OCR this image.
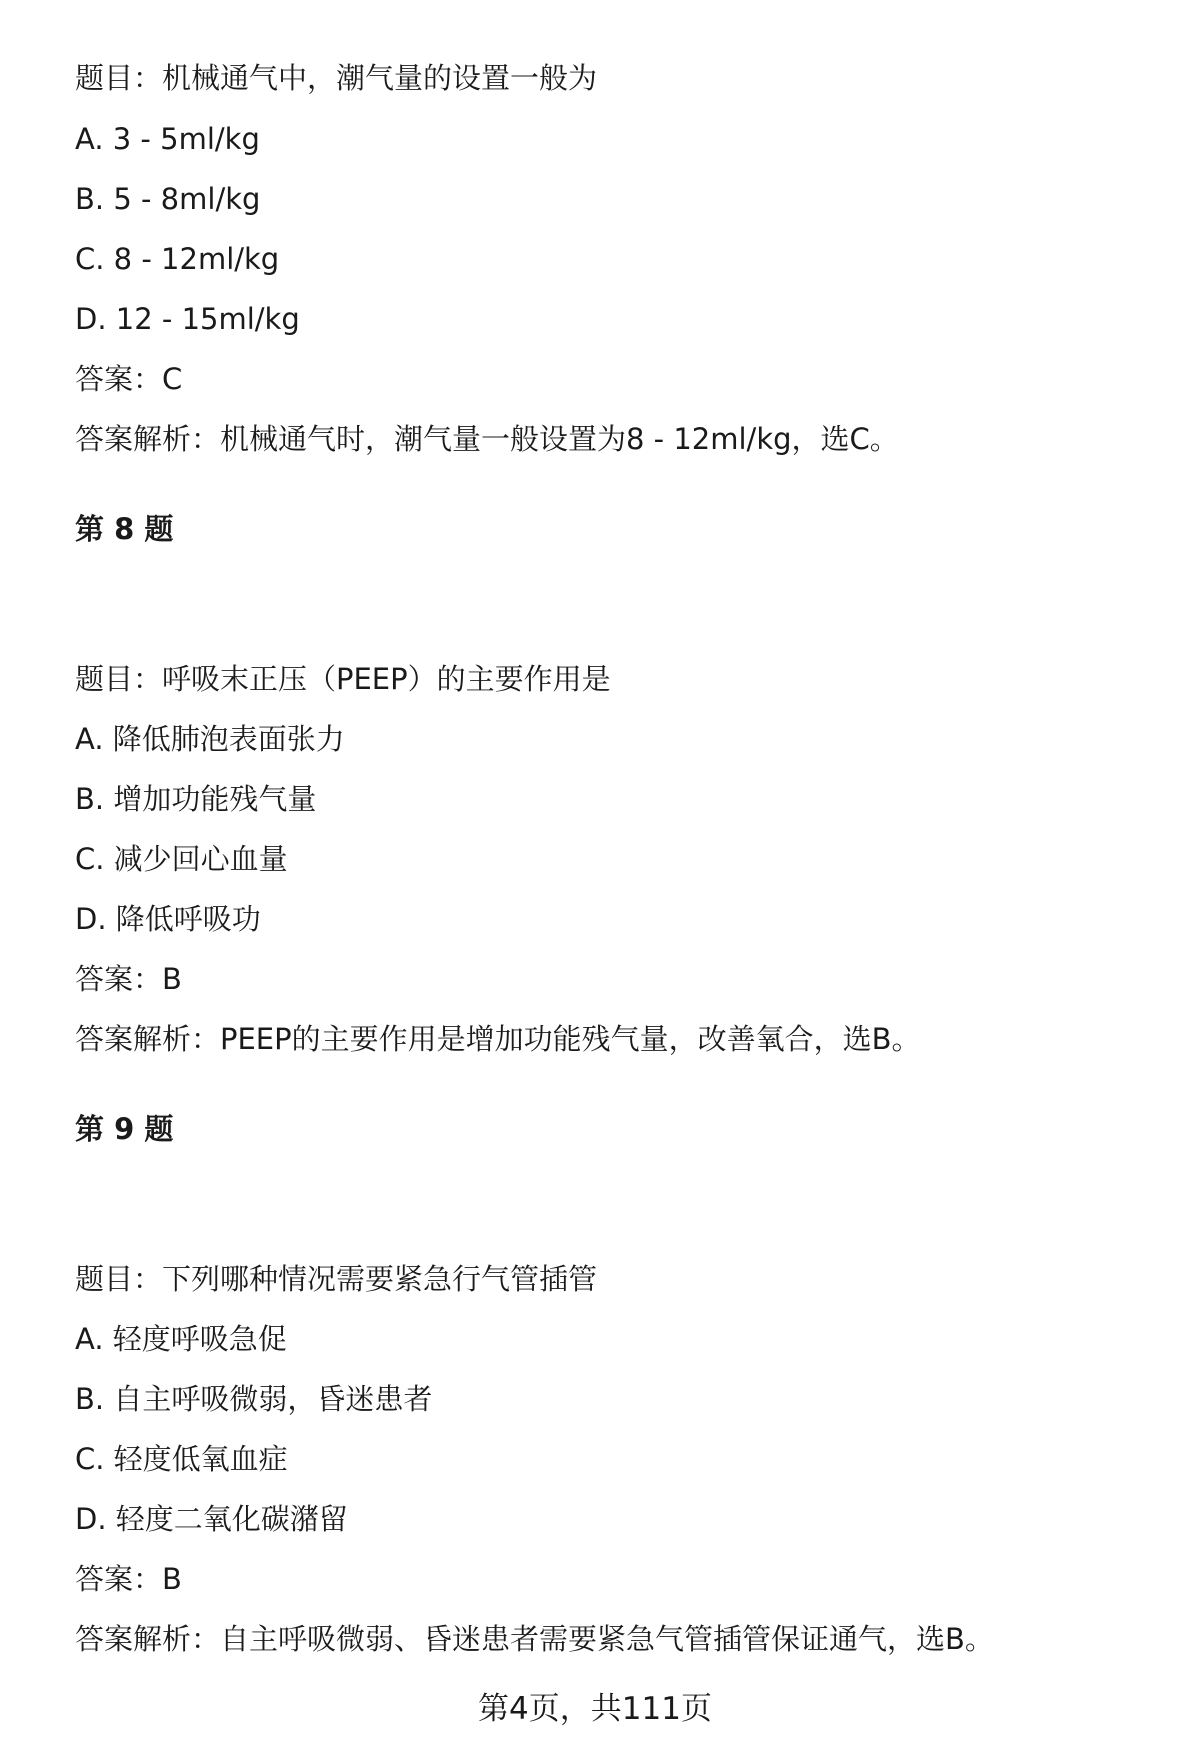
题目：机械通气中，潮气量的设置一般为
A. 3 - 5ml/kg
B. 5 - 8ml/kg
C. 8 - 12ml/kg
D. 12 - 15ml/kg
答案：C
答案解析：机械通气时，潮气量一般设置为8 - 12ml/kg，选C。
第 8 题
题目：呼吸末正压（PEEP）的主要作用是
A. 降低肺泡表面张力
B. 增加功能残气量
C. 减少回心血量
D. 降低呼吸功
答案：B
答案解析：PEEP的主要作用是增加功能残气量，改善氧合，选B。
第 9 题
题目：下列哪种情况需要紧急行气管插管
A. 轻度呼吸急促
B. 自主呼吸微弱，昏迷患者
C. 轻度低氧血症
D. 轻度二氧化碳潴留
答案：B
答案解析：自主呼吸微弱、昏迷患者需要紧急气管插管保证通气，选B。
第4页，共111页
